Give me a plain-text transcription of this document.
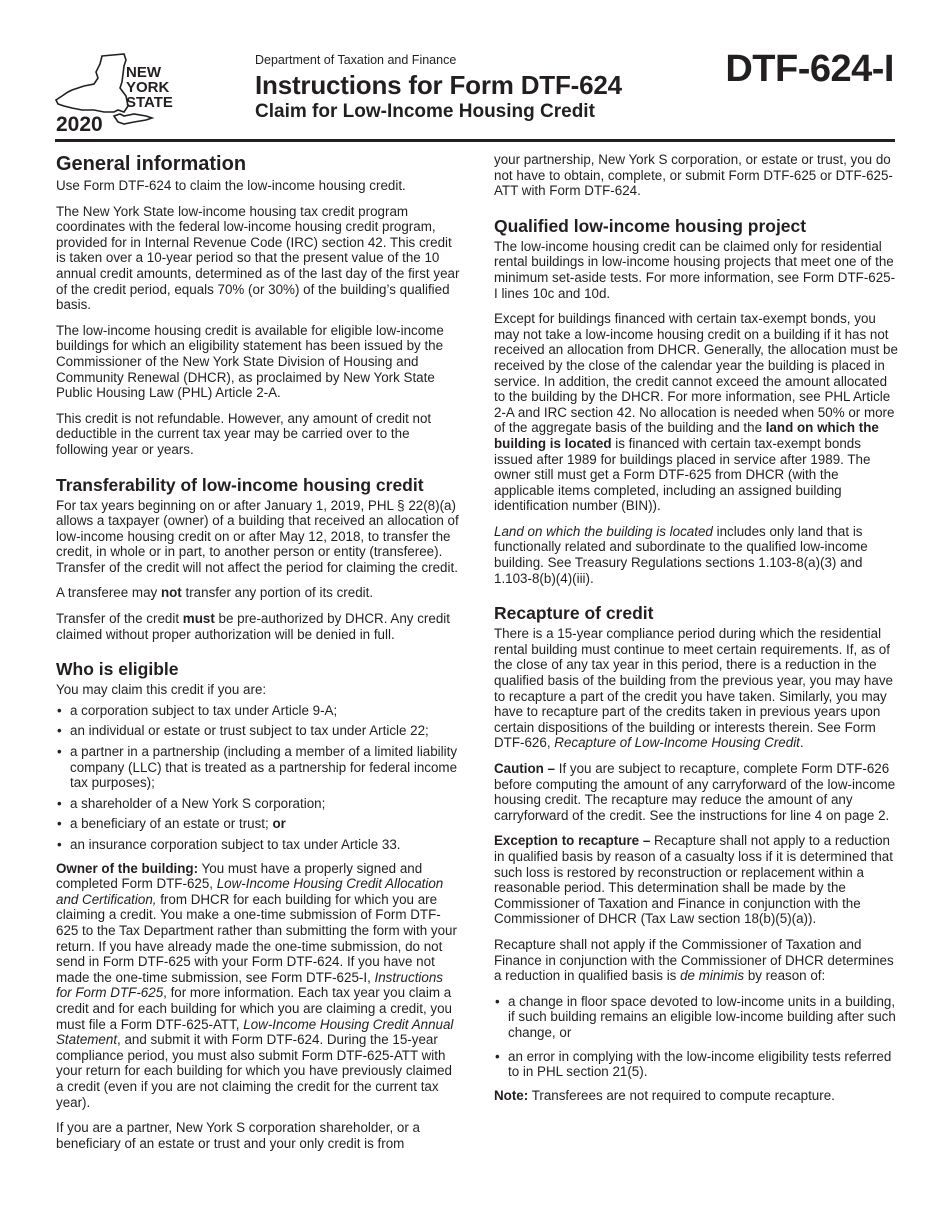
NEW
YORK
STATE
2020
Department of Taxation and Finance
Instructions for Form DTF-624
Claim for Low-Income Housing Credit
DTF-624-I
General information

Use Form DTF-624 to claim the low-income housing credit.

The New York State low-income housing tax credit program coordinates with the federal low-income housing credit program, provided for in Internal Revenue Code (IRC) section 42. This credit is taken over a 10-year period so that the present value of the 10 annual credit amounts, determined as of the last day of the first year of the credit period, equals 70% (or 30%) of the building’s qualified basis.

The low-income housing credit is available for eligible low-income buildings for which an eligibility statement has been issued by the Commissioner of the New York State Division of Housing and Community Renewal (DHCR), as proclaimed by New York State Public Housing Law (PHL) Article 2-A.

This credit is not refundable. However, any amount of credit not deductible in the current tax year may be carried over to the following year or years.

Transferability of low-income housing credit

For tax years beginning on or after January 1, 2019, PHL § 22(8)(a) allows a taxpayer (owner) of a building that received an allocation of low-income housing credit on or after May 12, 2018, to transfer the credit, in whole or in part, to another person or entity (transferee). Transfer of the credit will not affect the period for claiming the credit.

A transferee may not transfer any portion of its credit.

Transfer of the credit must be pre-authorized by DHCR. Any credit claimed without proper authorization will be denied in full.

Who is eligible

You may claim this credit if you are:

• a corporation subject to tax under Article 9-A;
• an individual or estate or trust subject to tax under Article 22;
• a partner in a partnership (including a member of a limited liability company (LLC) that is treated as a partnership for federal income tax purposes);
• a shareholder of a New York S corporation;
• a beneficiary of an estate or trust; or
• an insurance corporation subject to tax under Article 33.

Owner of the building: You must have a properly signed and completed Form DTF-625, Low-Income Housing Credit Allocation and Certification, from DHCR for each building for which you are claiming a credit. You make a one-time submission of Form DTF-625 to the Tax Department rather than submitting the form with your return. If you have already made the one-time submission, do not send in Form DTF-625 with your Form DTF-624. If you have not made the one-time submission, see Form DTF-625-I, Instructions for Form DTF-625, for more information. Each tax year you claim a credit and for each building for which you are claiming a credit, you must file a Form DTF-625-ATT, Low-Income Housing Credit Annual Statement, and submit it with Form DTF-624. During the 15-year compliance period, you must also submit Form DTF-625-ATT with your return for each building for which you have previously claimed a credit (even if you are not claiming the credit for the current tax year).

If you are a partner, New York S corporation shareholder, or a beneficiary of an estate or trust and your only credit is from

your partnership, New York S corporation, or estate or trust, you do not have to obtain, complete, or submit Form DTF-625 or DTF-625-ATT with Form DTF-624.

Qualified low-income housing project

The low-income housing credit can be claimed only for residential rental buildings in low-income housing projects that meet one of the minimum set-aside tests. For more information, see Form DTF-625-I lines 10c and 10d.

Except for buildings financed with certain tax-exempt bonds, you may not take a low-income housing credit on a building if it has not received an allocation from DHCR. Generally, the allocation must be received by the close of the calendar year the building is placed in service. In addition, the credit cannot exceed the amount allocated to the building by the DHCR. For more information, see PHL Article 2-A and IRC section 42. No allocation is needed when 50% or more of the aggregate basis of the building and the land on which the building is located is financed with certain tax-exempt bonds issued after 1989 for buildings placed in service after 1989. The owner still must get a Form DTF-625 from DHCR (with the applicable items completed, including an assigned building identification number (BIN)).

Land on which the building is located includes only land that is functionally related and subordinate to the qualified low-income building. See Treasury Regulations sections 1.103-8(a)(3) and 1.103-8(b)(4)(iii).

Recapture of credit

There is a 15-year compliance period during which the residential rental building must continue to meet certain requirements. If, as of the close of any tax year in this period, there is a reduction in the qualified basis of the building from the previous year, you may have to recapture a part of the credit you have taken. Similarly, you may have to recapture part of the credits taken in previous years upon certain dispositions of the building or interests therein. See Form DTF-626, Recapture of Low-Income Housing Credit.

Caution – If you are subject to recapture, complete Form DTF-626 before computing the amount of any carryforward of the low-income housing credit. The recapture may reduce the amount of any carryforward of the credit. See the instructions for line 4 on page 2.

Exception to recapture – Recapture shall not apply to a reduction in qualified basis by reason of a casualty loss if it is determined that such loss is restored by reconstruction or replacement within a reasonable period. This determination shall be made by the Commissioner of Taxation and Finance in conjunction with the Commissioner of DHCR (Tax Law section 18(b)(5)(a)).

Recapture shall not apply if the Commissioner of Taxation and Finance in conjunction with the Commissioner of DHCR determines a reduction in qualified basis is de minimis by reason of:

• a change in floor space devoted to low-income units in a building, if such building remains an eligible low-income building after such change, or
• an error in complying with the low-income eligibility tests referred to in PHL section 21(5).

Note: Transferees are not required to compute recapture.
